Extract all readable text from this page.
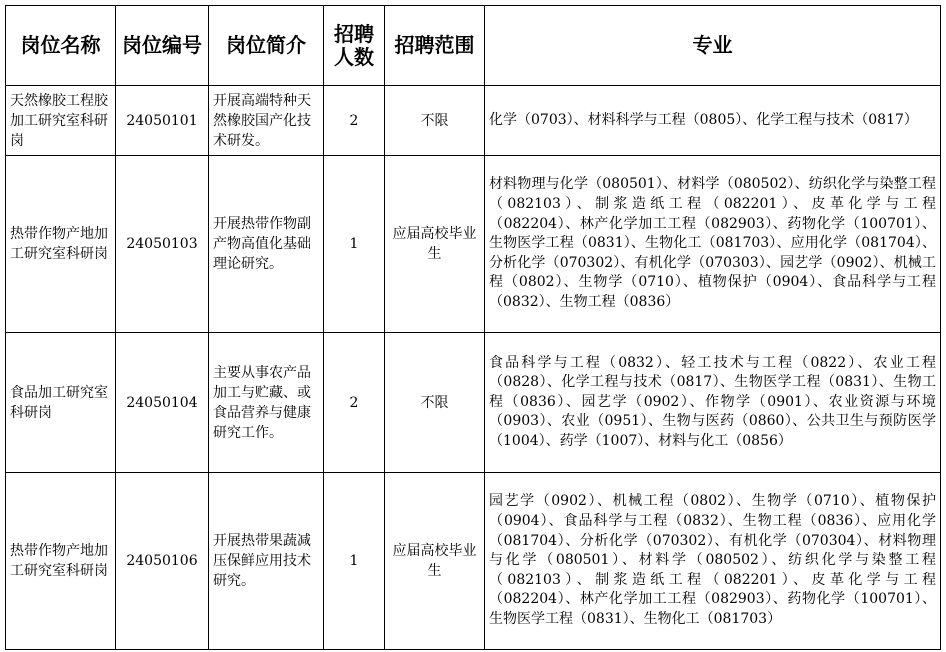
岗位名称	岗位编号	岗位简介	招聘人数	招聘范围	专业
天然橡胶工程胶加工研究室科研岗	24050101	开展高端特种天然橡胶国产化技术研发。	2	不限	化学（0703）、材料科学与工程（0805）、化学工程与技术（0817）
热带作物产地加工研究室科研岗	24050103	开展热带作物副产物高值化基础理论研究。	1	应届高校毕业生	材料物理与化学（080501）、材料学（080502）、纺织化学与染整工程（082103）、制浆造纸工程（082201）、皮革化学与工程（082204）、林产化学加工工程（082903）、药物化学（100701）、生物医学工程（0831）、生物化工（081703）、应用化学（081704）、分析化学（070302）、有机化学（070303）、园艺学（0902）、机械工程（0802）、生物学（0710）、植物保护（0904）、食品科学与工程（0832）、生物工程（0836）
食品加工研究室科研岗	24050104	主要从事农产品加工与贮藏、或食品营养与健康研究工作。	2	不限	食品科学与工程（0832）、轻工技术与工程（0822）、农业工程（0828）、化学工程与技术（0817）、生物医学工程（0831）、生物工程（0836）、园艺学（0902）、作物学（0901）、农业资源与环境（0903）、农业（0951）、生物与医药（0860）、公共卫生与预防医学（1004）、药学（1007）、材料与化工（0856）
热带作物产地加工研究室科研岗	24050106	开展热带果蔬减压保鲜应用技术研究。	1	应届高校毕业生	园艺学（0902）、机械工程（0802）、生物学（0710）、植物保护（0904）、食品科学与工程（0832）、生物工程（0836）、应用化学（081704）、分析化学（070302）、有机化学（070304）、材料物理与化学（080501）、材料学（080502）、纺织化学与染整工程（082103）、制浆造纸工程（082201）、皮革化学与工程（082204）、林产化学加工工程（082903）、药物化学（100701）、生物医学工程（0831）、生物化工（081703）
